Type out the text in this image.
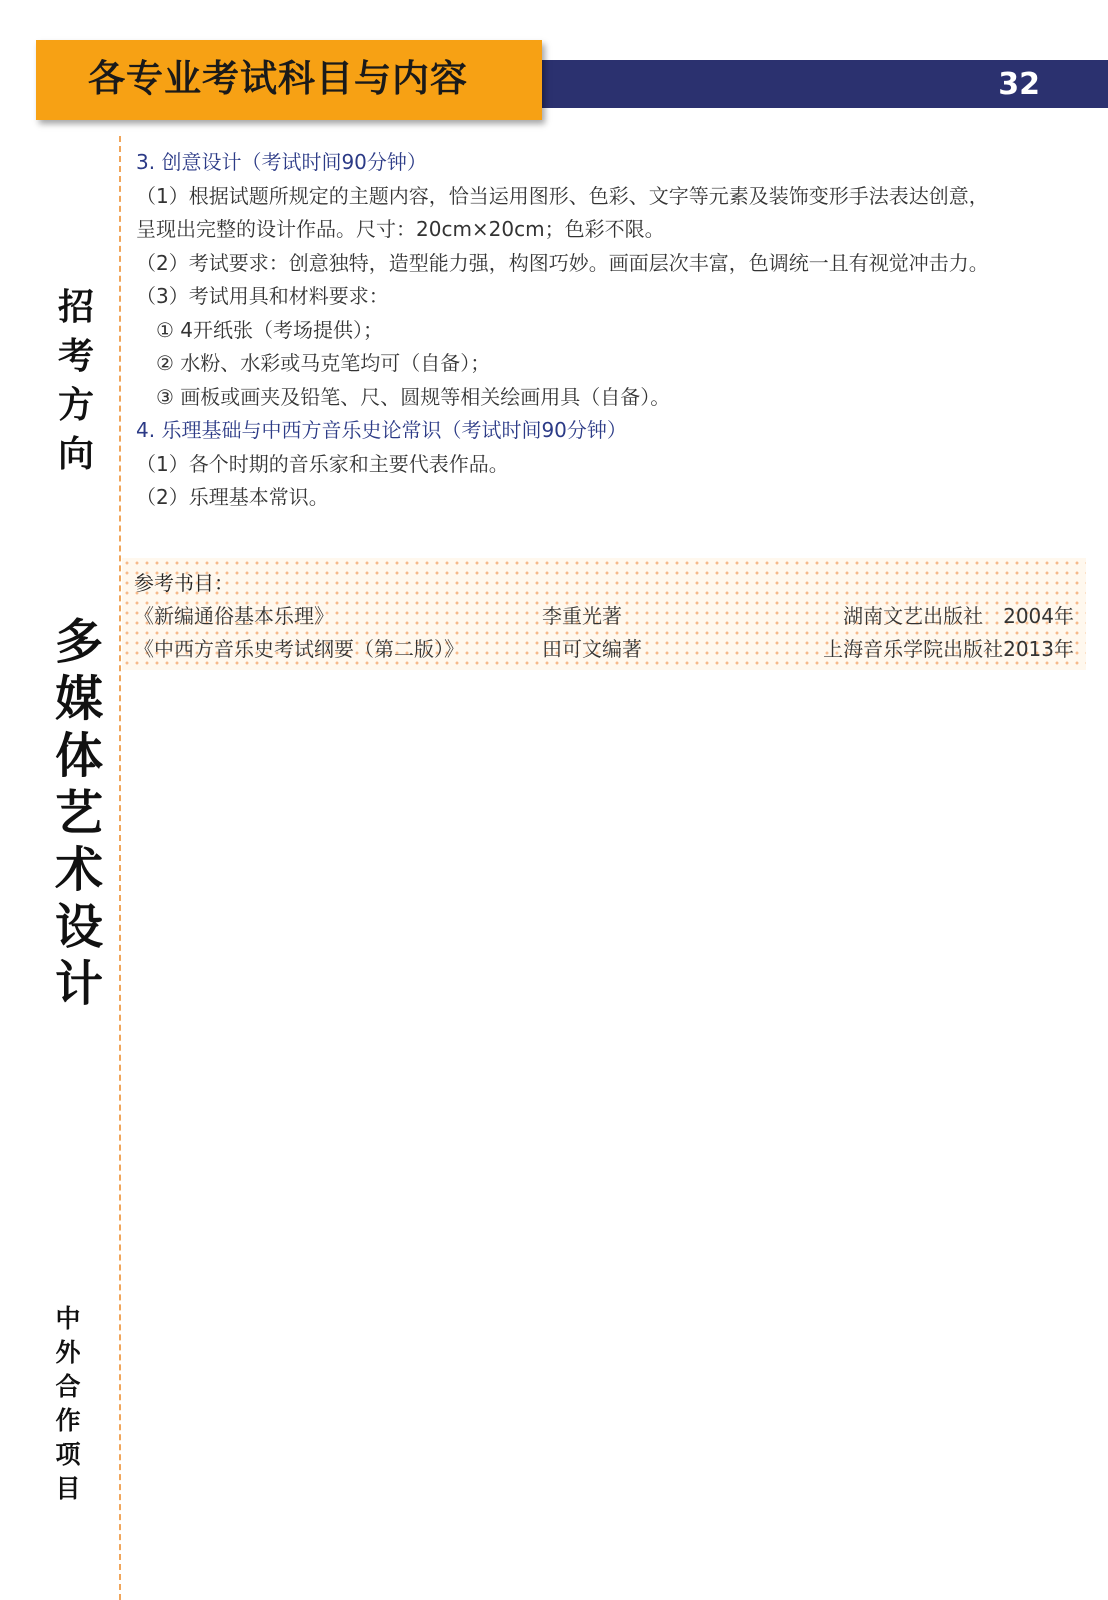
32
各专业考试科目与内容
招
考
方
向
多
媒
体
艺
术
设
计
中
外
合
作
项
目

3. 创意设计（考试时间90分钟）

（1）根据试题所规定的主题内容，恰当运用图形、色彩、文字等元素及装饰变形手法表达创意，

呈现出完整的设计作品。尺寸：20cm×20cm；色彩不限。

（2）考试要求：创意独特，造型能力强，构图巧妙。画面层次丰富，色调统一且有视觉冲击力。

（3）考试用具和材料要求：

① 4开纸张（考场提供）；

② 水粉、水彩或马克笔均可（自备）；

③ 画板或画夹及铅笔、尺、圆规等相关绘画用具（自备）。

4. 乐理基础与中西方音乐史论常识（考试时间90分钟）

（1）各个时期的音乐家和主要代表作品。

（2）乐理基本常识。

参考书目：

《新编通俗基本乐理》	李重光著	湖南文艺出版社　2004年
《中西方音乐史考试纲要（第二版）》	田可文编著	上海音乐学院出版社2013年
